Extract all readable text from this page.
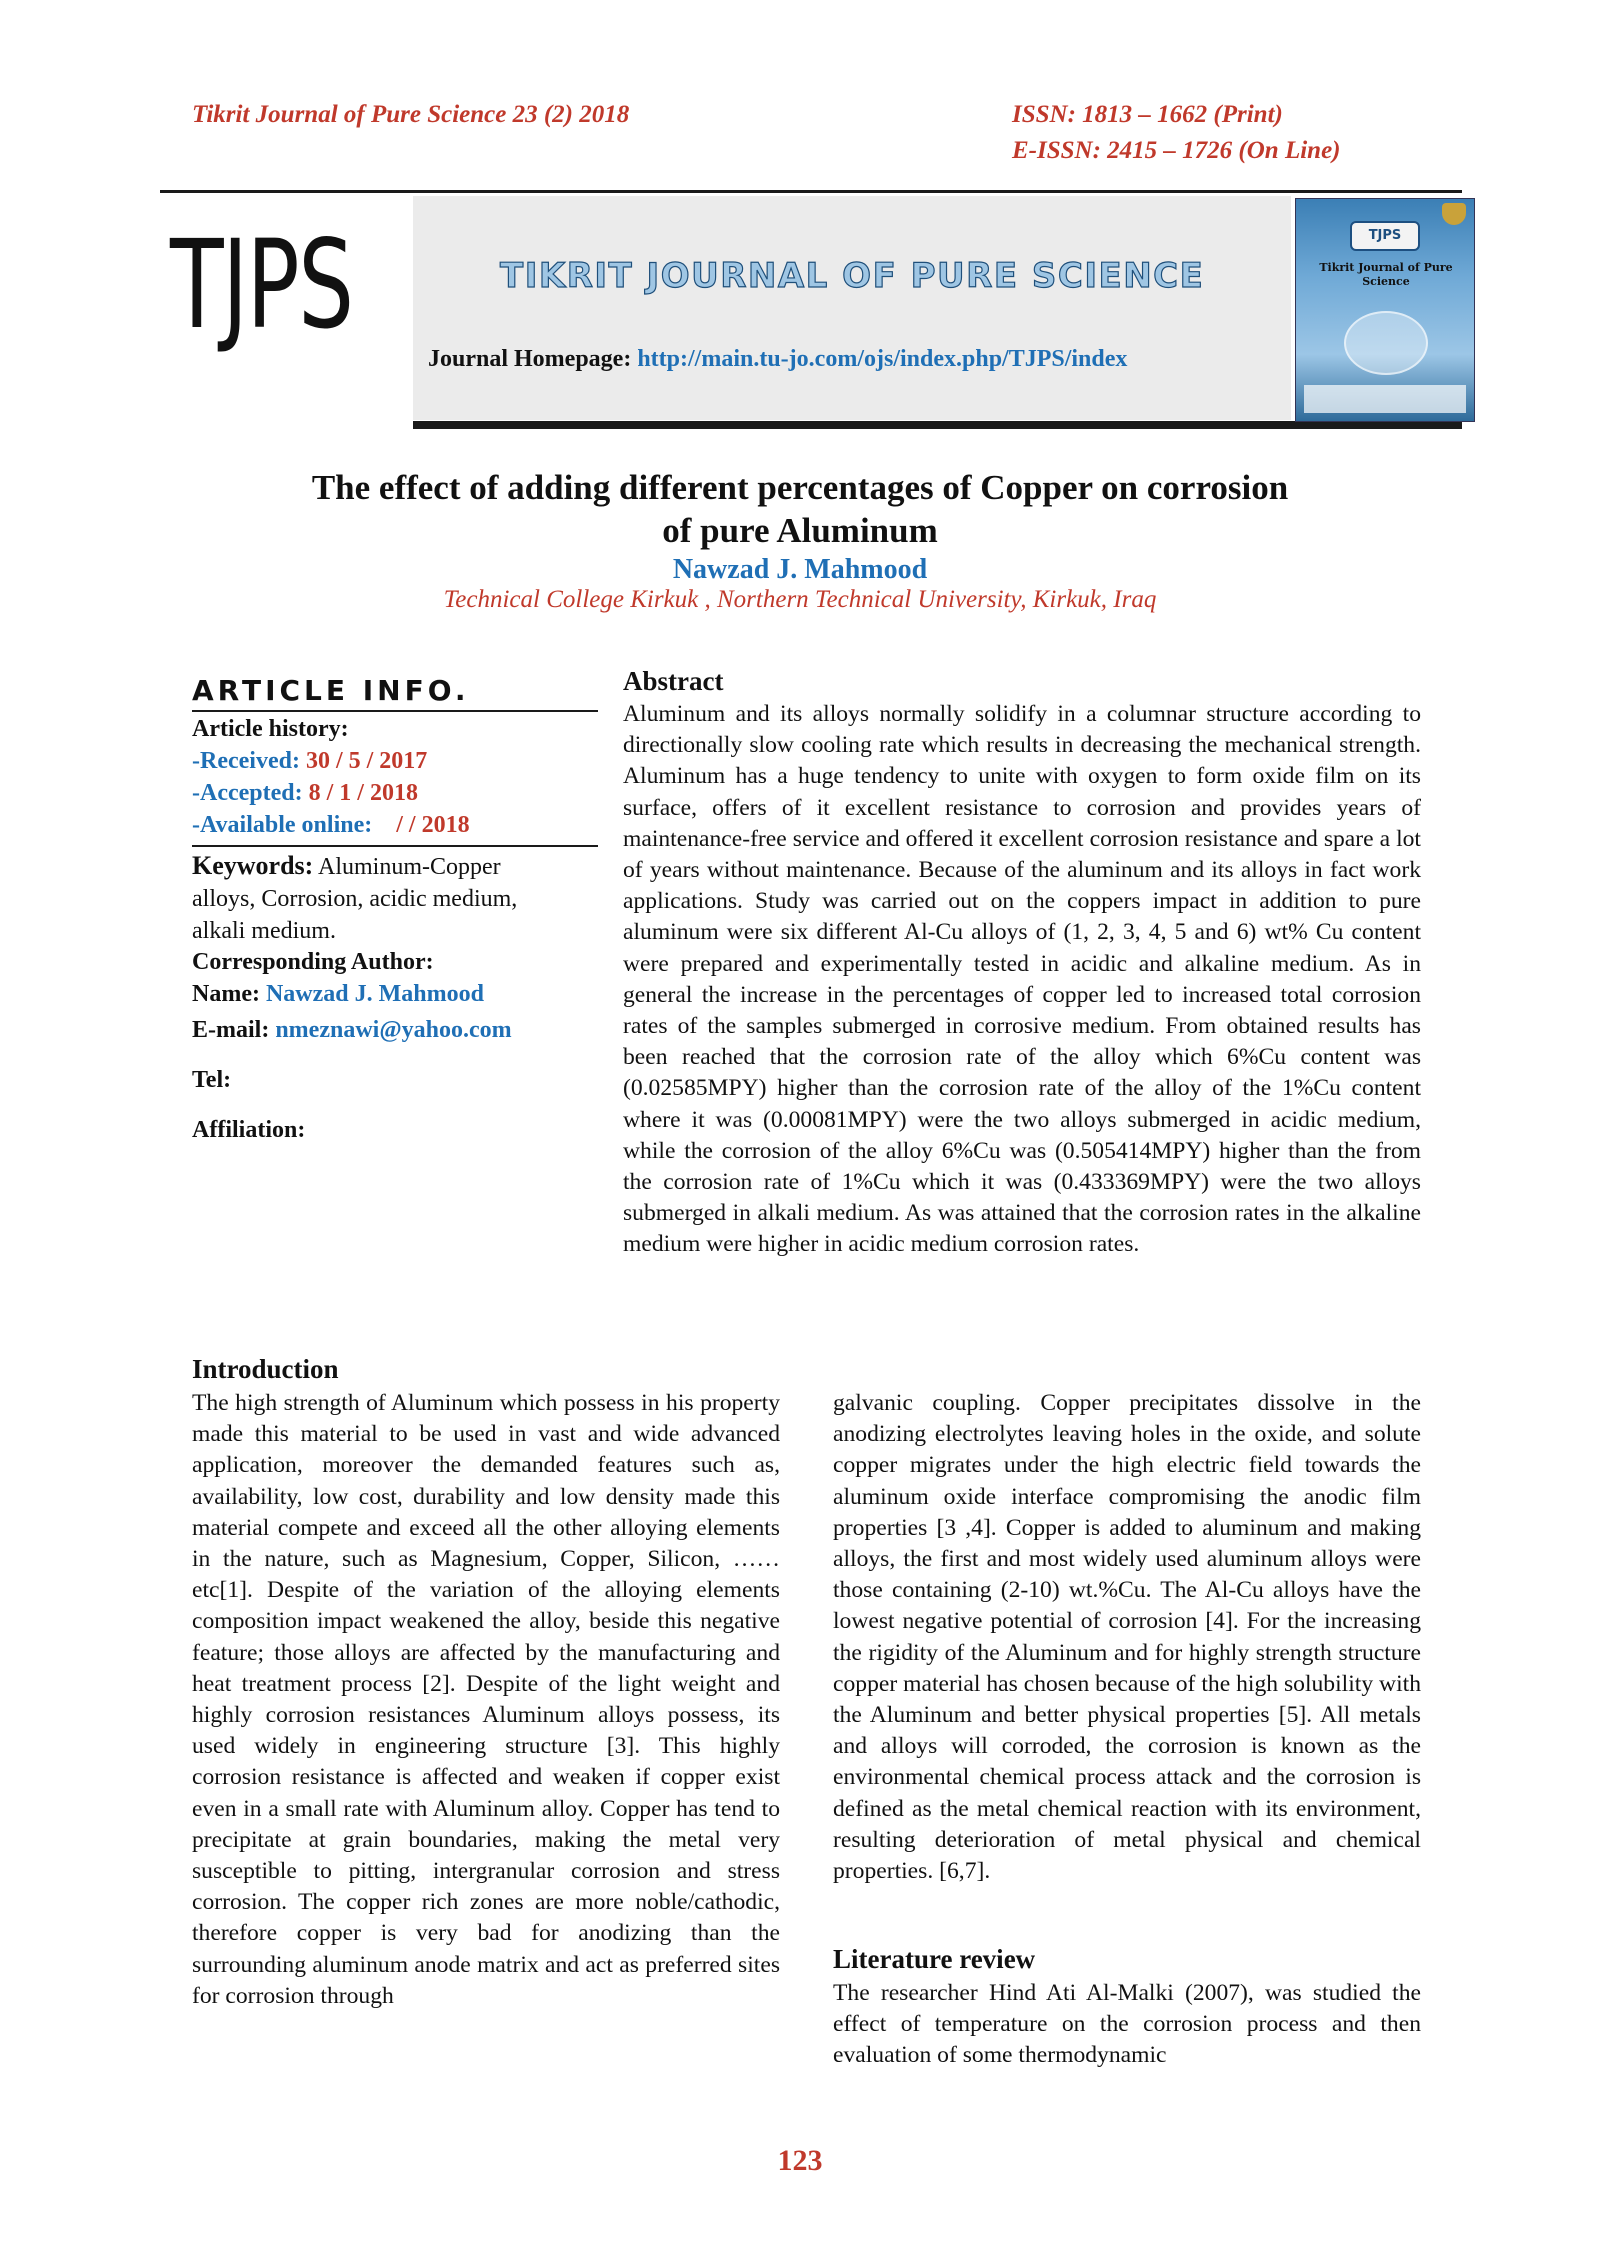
Tikrit Journal of Pure Science 23 (2) 2018	ISSN: 1813 – 1662 (Print)
E-ISSN: 2415 – 1726 (On Line)
TJPS	TIKRIT JOURNAL OF PURE SCIENCE
Journal Homepage: http://main.tu-jo.com/ojs/index.php/TJPS/index
TJPS
Tikrit Journal of Pure Science
The effect of adding different percentages of Copper on corrosion
of pure Aluminum
Nawzad J. Mahmood
Technical College Kirkuk , Northern Technical University, Kirkuk, Iraq
ARTICLE INFO.
Article history:
-Received: 30 / 5 / 2017
-Accepted: 8 / 1 / 2018
-Available online: / / 2018
Keywords: Aluminum-Copper
alloys, Corrosion, acidic medium,
alkali medium.
Corresponding Author:
Name: Nawzad J. Mahmood
E-mail: nmeznawi@yahoo.com
Tel:
Affiliation:
Abstract
Aluminum and its alloys normally solidify in a columnar structure according to directionally slow cooling rate which results in decreasing the mechanical strength. Aluminum has a huge tendency to unite with oxygen to form oxide film on its surface, offers of it excellent resistance to corrosion and provides years of maintenance-free service and offered it excellent corrosion resistance and spare a lot of years without maintenance. Because of the aluminum and its alloys in fact work applications. Study was carried out on the coppers impact in addition to pure aluminum were six different Al-Cu alloys of (1, 2, 3, 4, 5 and 6) wt% Cu content were prepared and experimentally tested in acidic and alkaline medium. As in general the increase in the percentages of copper led to increased total corrosion rates of the samples submerged in corrosive medium. From obtained results has been reached that the corrosion rate of the alloy which 6%Cu content was (0.02585MPY) higher than the corrosion rate of the alloy of the 1%Cu content where it was (0.00081MPY) were the two alloys submerged in acidic medium, while the corrosion of the alloy 6%Cu was (0.505414MPY) higher than the from the corrosion rate of 1%Cu which it was (0.433369MPY) were the two alloys submerged in alkali medium. As was attained that the corrosion rates in the alkaline medium were higher in acidic medium corrosion rates.
Introduction
The high strength of Aluminum which possess in his property made this material to be used in vast and wide advanced application, moreover the demanded features such as, availability, low cost, durability and low density made this material compete and exceed all the other alloying elements in the nature, such as Magnesium, Copper, Silicon, ……etc[1]. Despite of the variation of the alloying elements composition impact weakened the alloy, beside this negative feature; those alloys are affected by the manufacturing and heat treatment process [2]. Despite of the light weight and highly corrosion resistances Aluminum alloys possess, its used widely in engineering structure [3]. This highly corrosion resistance is affected and weaken if copper exist even in a small rate with Aluminum alloy. Copper has tend to precipitate at grain boundaries, making the metal very susceptible to pitting, intergranular corrosion and stress corrosion. The copper rich zones are more noble/cathodic, therefore copper is very bad for anodizing than the surrounding aluminum anode matrix and act as preferred sites for corrosion through
galvanic coupling. Copper precipitates dissolve in the anodizing electrolytes leaving holes in the oxide, and solute copper migrates under the high electric field towards the aluminum oxide interface compromising the anodic film properties [3 ,4]. Copper is added to aluminum and making alloys, the first and most widely used aluminum alloys were those containing (2-10) wt.%Cu. The Al-Cu alloys have the lowest negative potential of corrosion [4]. For the increasing the rigidity of the Aluminum and for highly strength structure copper material has chosen because of the high solubility with the Aluminum and better physical properties [5]. All metals and alloys will corroded, the corrosion is known as the environmental chemical process attack and the corrosion is defined as the metal chemical reaction with its environment, resulting deterioration of metal physical and chemical properties. [6,7].
Literature review
The researcher Hind Ati Al-Malki (2007), was studied the effect of temperature on the corrosion process and then evaluation of some thermodynamic
123
